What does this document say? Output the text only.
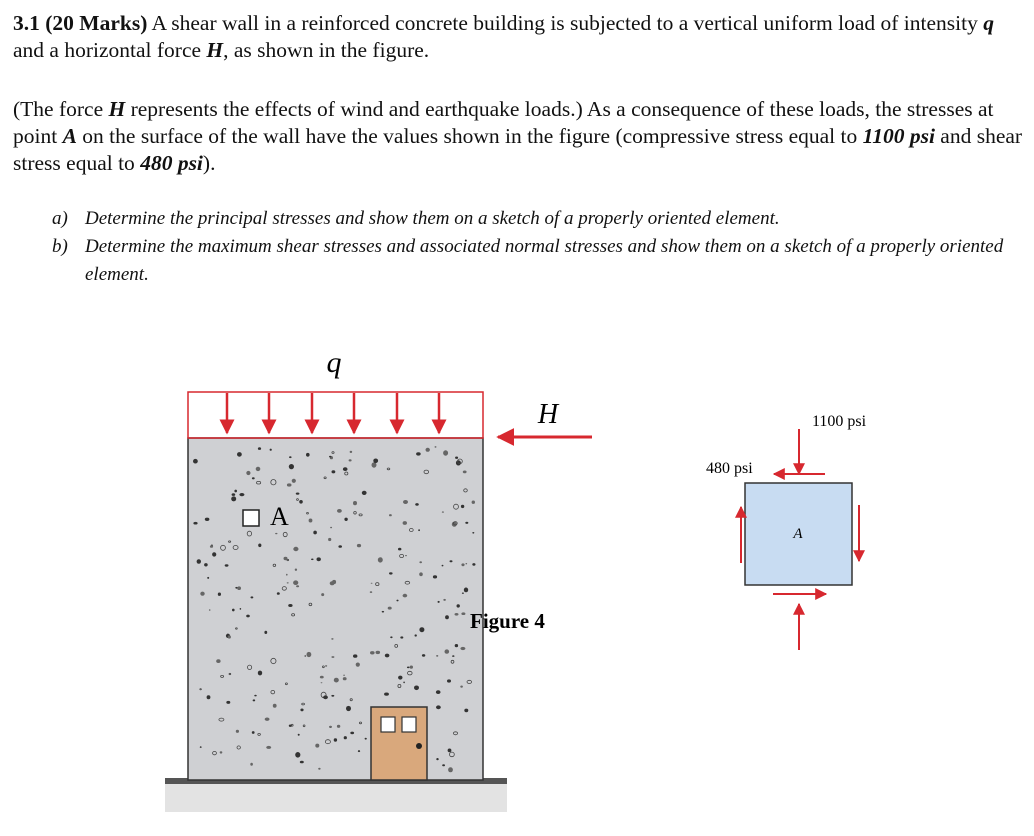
3.1 (20 Marks) A shear wall in a reinforced concrete building is subjected to a vertical uniform load of intensity q and a horizontal force H, as shown in the figure.
(The force H represents the effects of wind and earthquake loads.) As a consequence of these loads, the stresses at point A on the surface of the wall have the values shown in the figure (compressive stress equal to 1100 psi and shear stress equal to 480 psi).
a) Determine the principal stresses and show them on a sketch of a properly oriented element.
b) Determine the maximum shear stresses and associated normal stresses and show them on a sketch of a properly oriented element.
q
H
A
Figure 4
A
1100 psi
480 psi
